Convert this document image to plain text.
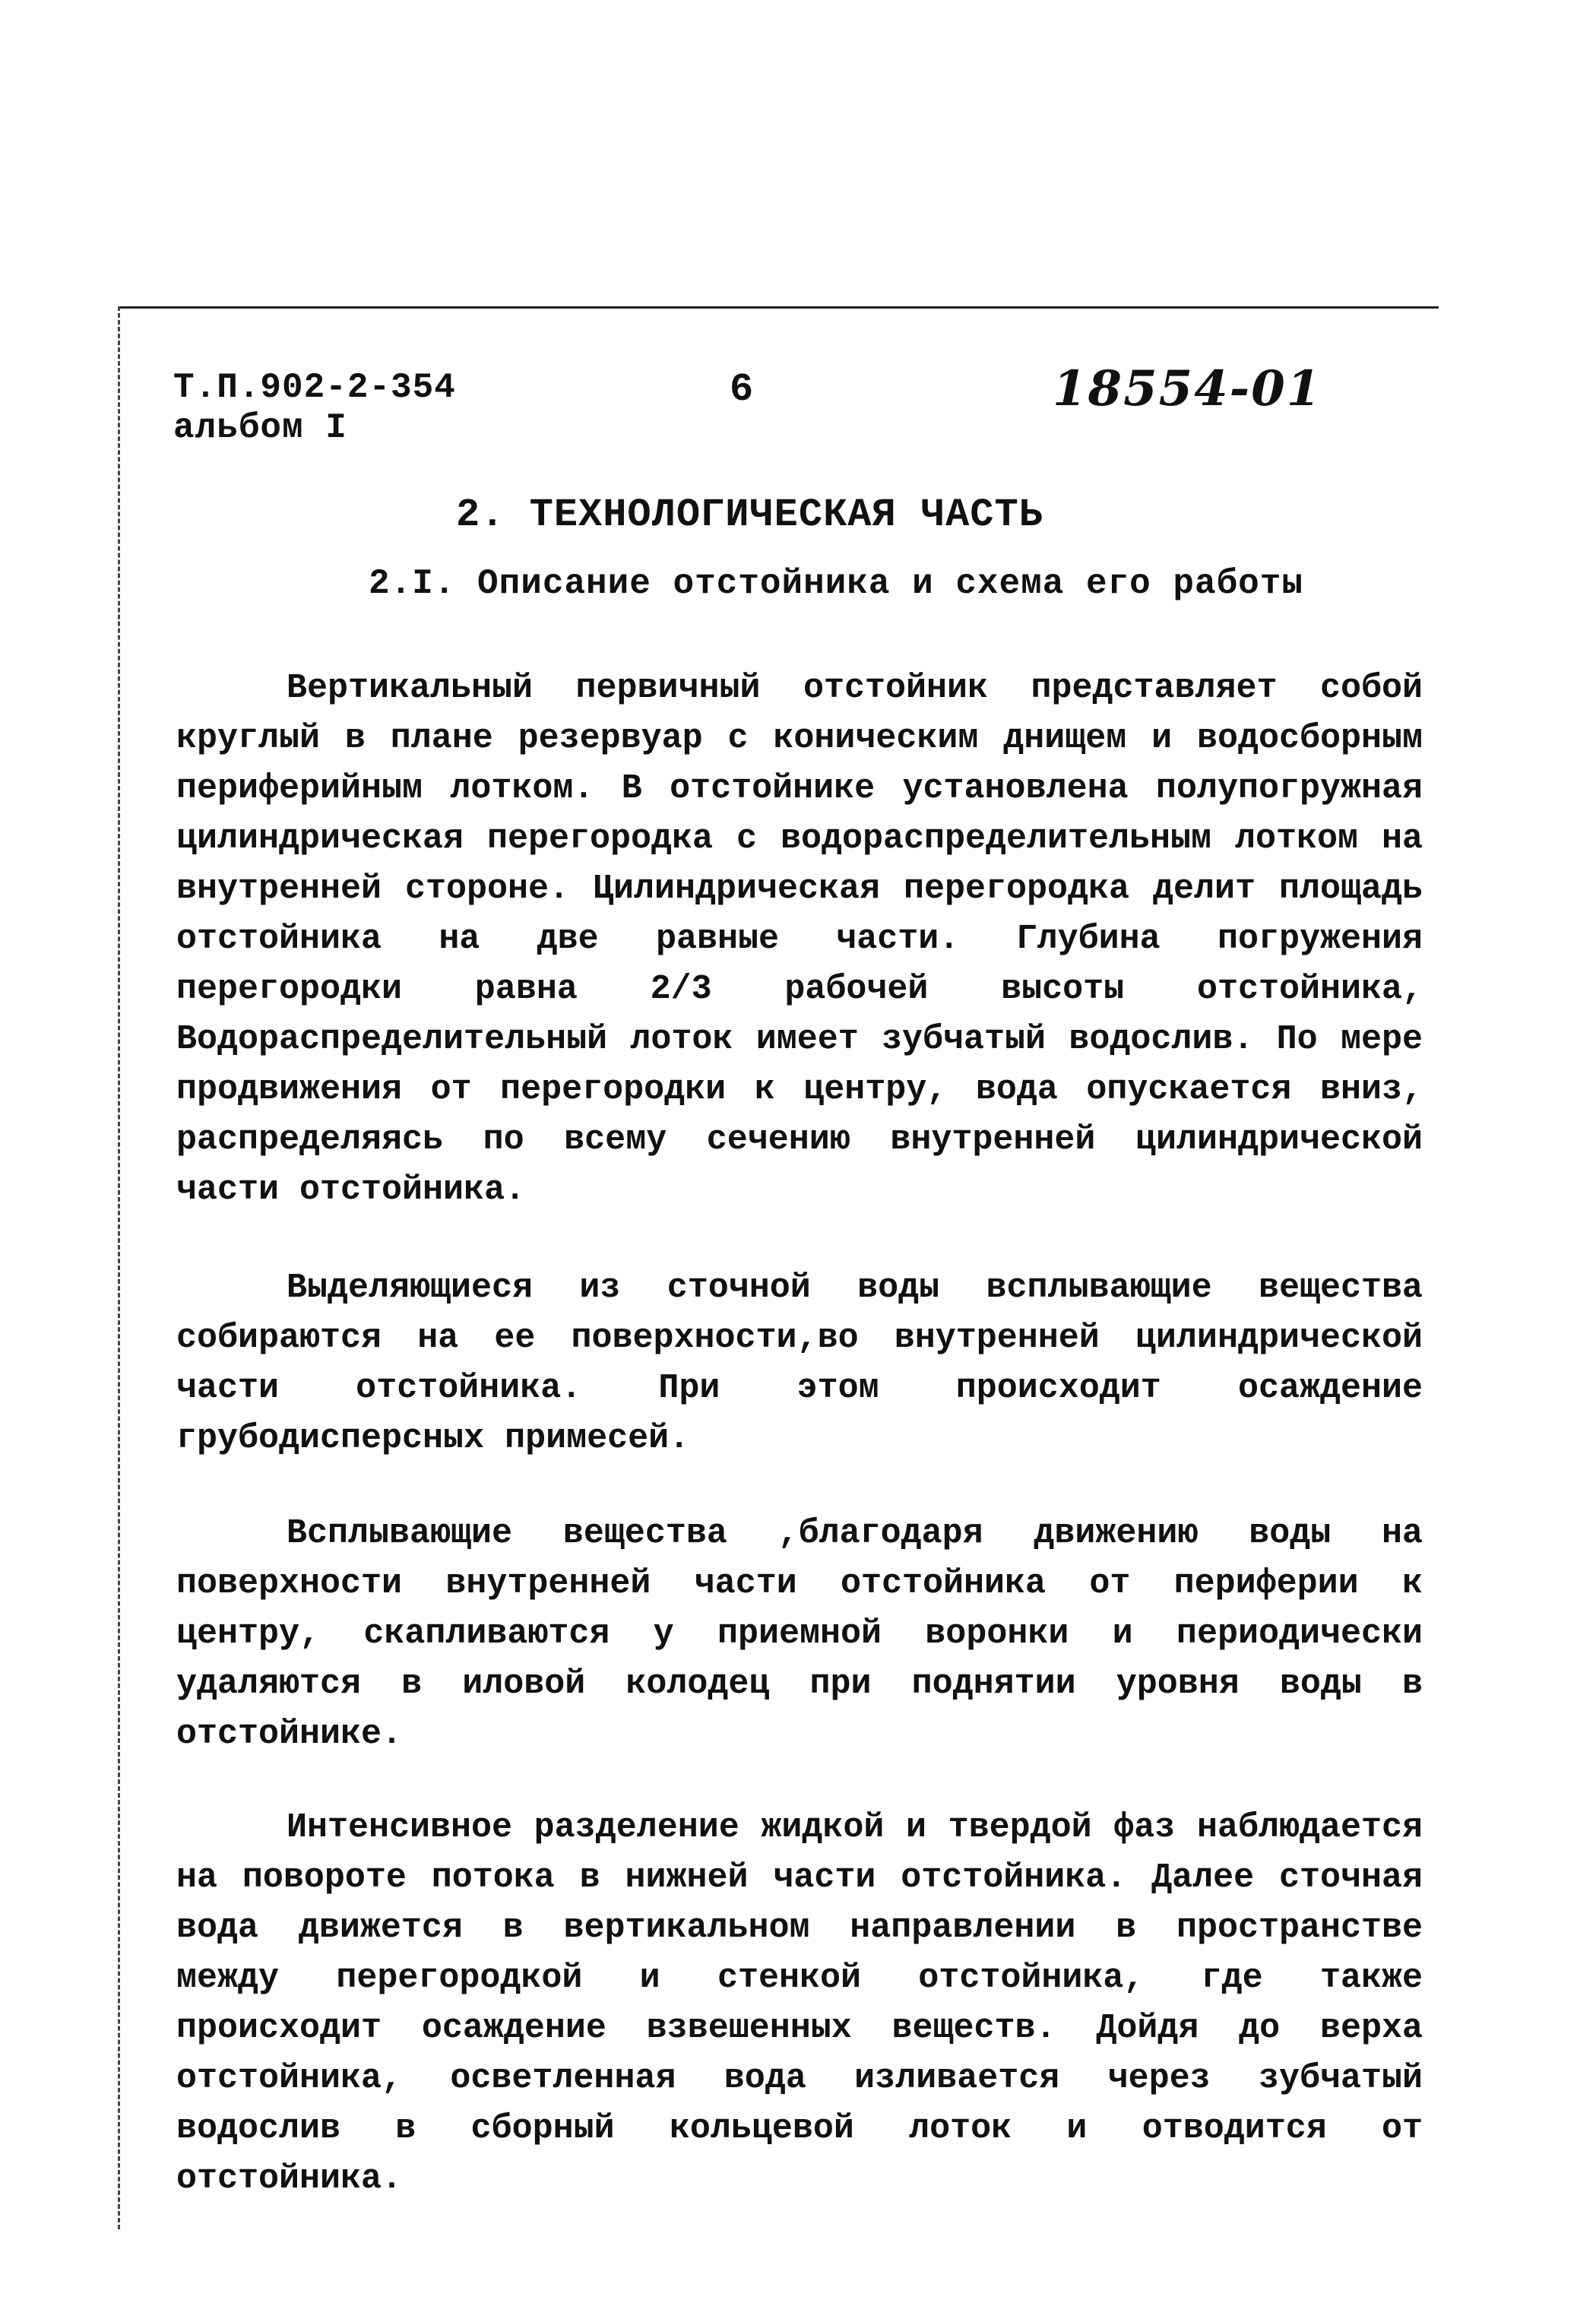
Т.П.902-2-354
альбом I
6	18554-01
2. ТЕХНОЛОГИЧЕСКАЯ ЧАСТЬ
2.I. Описание отстойника и схема его работы

Вертикальный первичный отстойник представляет собой круглый в плане резервуар с коническим днищем и водосборным периферийным лотком. В отстойнике установлена полупогружная цилиндрическая перегородка с водораспределительным лотком на внутренней стороне. Цилиндрическая перегородка делит площадь отстойника на две равные части. Глубина погружения перегородки равна 2/3 рабочей высоты отстойника, Водораспределительный лоток имеет зубчатый водослив. По мере продвижения от перегородки к центру, вода опускается вниз, распределяясь по всему сечению внутренней цилиндрической части отстойника.

Выделяющиеся из сточной воды всплывающие вещества собираются на ее поверхности,во внутренней цилиндрической части отстойника. При этом происходит осаждение грубодисперсных примесей.

Всплывающие вещества ,благодаря движению воды на поверхности внутренней части отстойника от периферии к центру, скапливаются у приемной воронки и периодически удаляются в иловой колодец при поднятии уровня воды в отстойнике.

Интенсивное разделение жидкой и твердой фаз наблюдается на повороте потока в нижней части отстойника. Далее сточная вода движется в вертикальном направлении в пространстве между перегородкой и стенкой отстойника, где также происходит осаждение взвешенных веществ. Дойдя до верха отстойника, осветленная вода изливается через зубчатый водослив в сборный кольцевой лоток и отводится от отстойника.
